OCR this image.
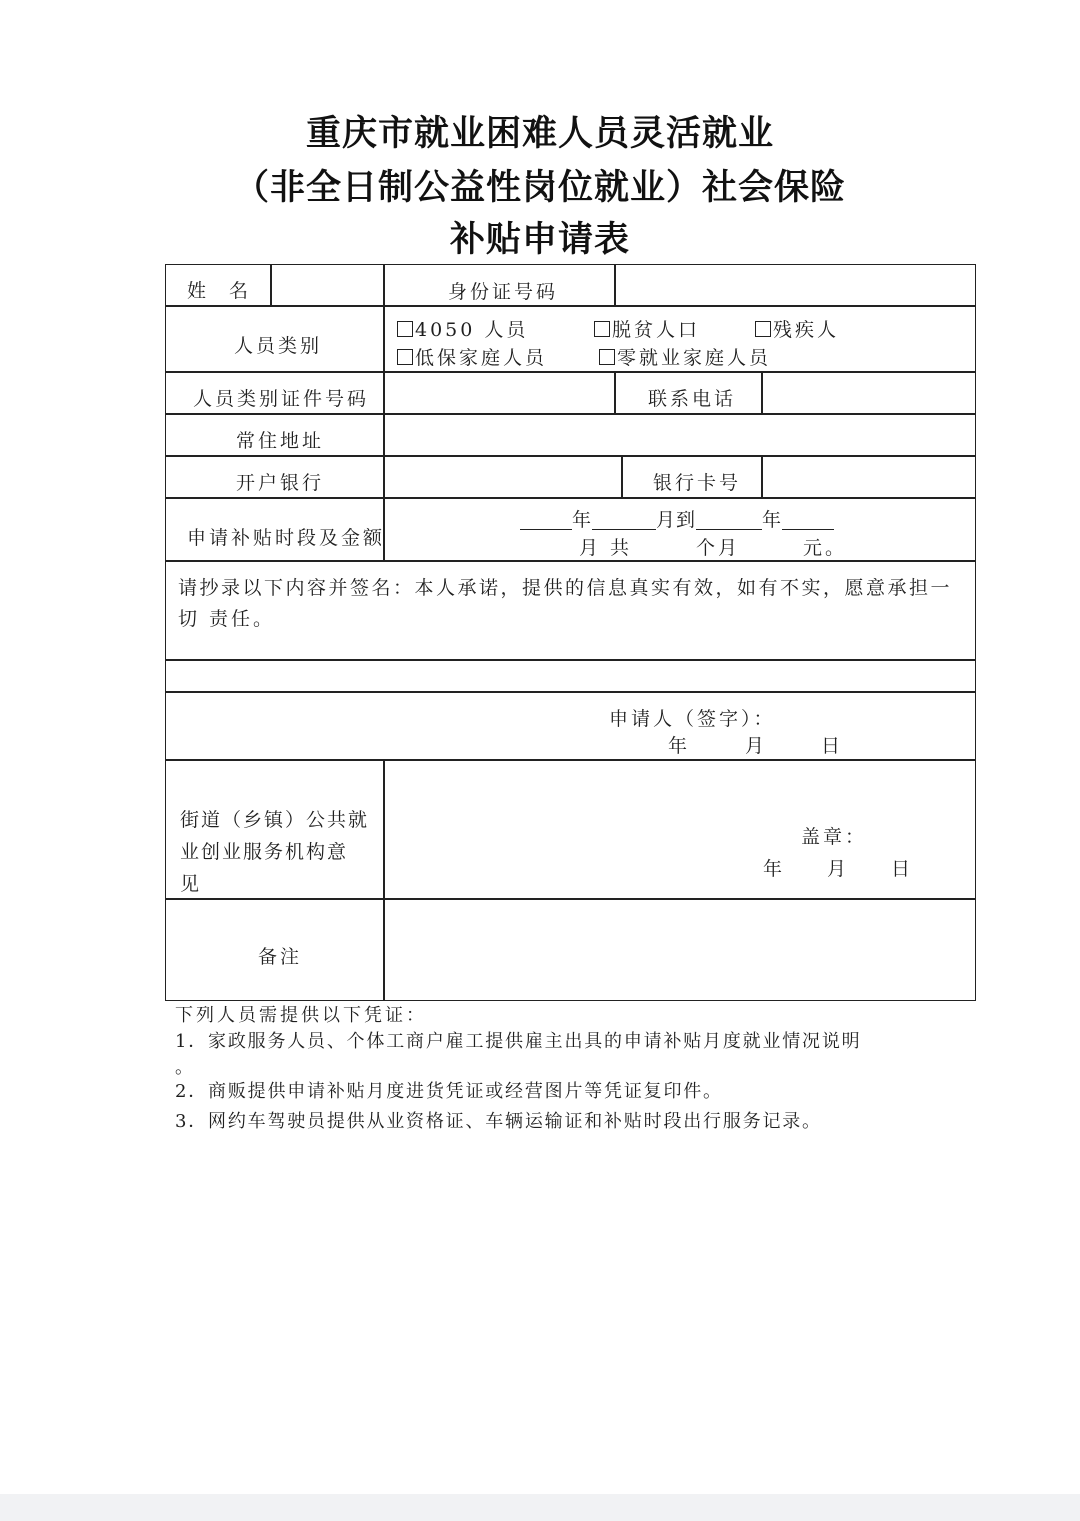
重庆市就业困难人员灵活就业
（非全日制公益性岗位就业）社会保险
补贴申请表
姓　名	身份证号码
人员类别
4050 人员	脱贫人口	残疾人
低保家庭人员	零就业家庭人员
人员类别证件号码	联系电话
常住地址
开户银行	银行卡号
申请补贴时段及金额
年	月到	年
月 共	个月	元。
请抄录以下内容并签名：本人承诺，提供的信息真实有效，如有不实，愿意承担一
切 责任。
申请人（签字）：
年	月	日
街道（乡镇）公共就
业创业服务机构意
见
盖章：
年 月 日
备注
下列人员需提供以下凭证：
1．家政服务人员、个体工商户雇工提供雇主出具的申请补贴月度就业情况说明
。
2．商贩提供申请补贴月度进货凭证或经营图片等凭证复印件。
3．网约车驾驶员提供从业资格证、车辆运输证和补贴时段出行服务记录。
